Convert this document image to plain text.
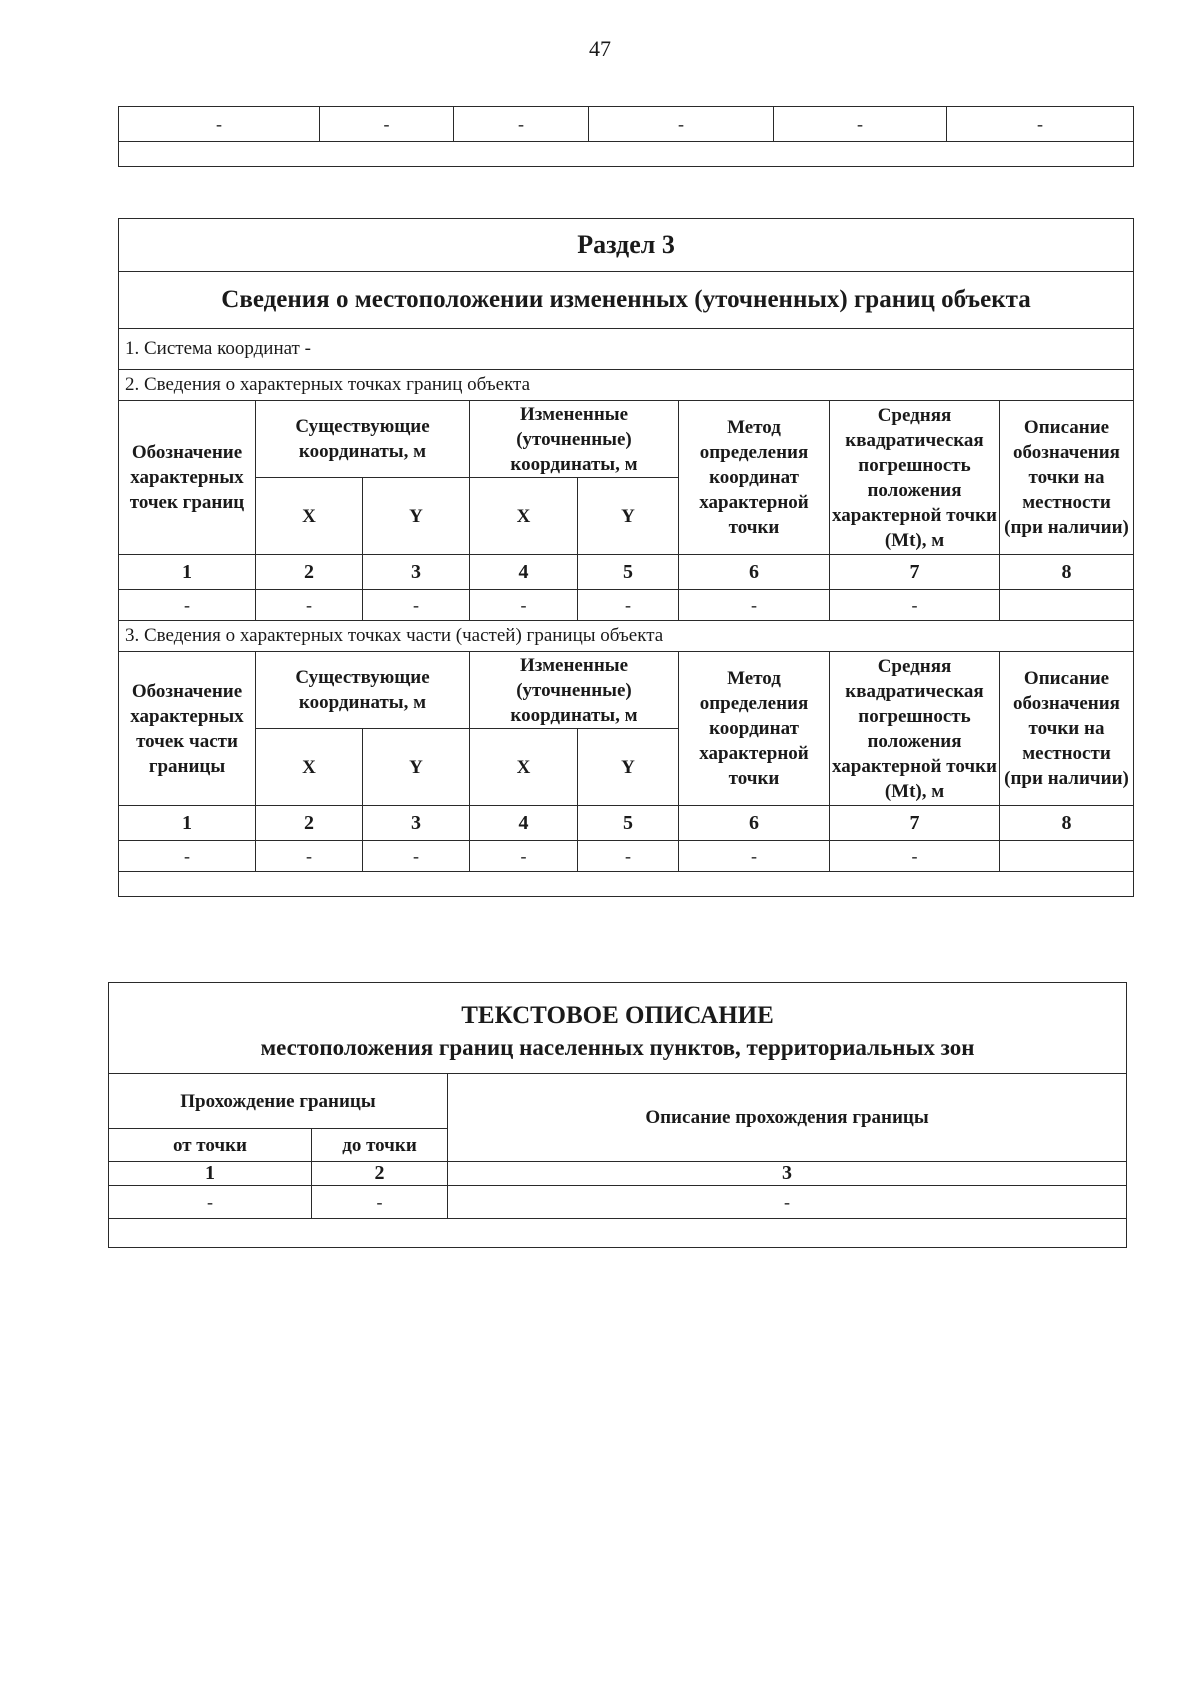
47
-	-	-	-	-	-

Раздел 3							
Сведения о местоположении измененных (уточненных) границ объекта							
1. Система координат -							
2. Сведения о характерных точках границ объекта							
Обозначение характерных точек границ	Существующие координаты, м		Измененные (уточненные) координаты, м		Метод определения координат характерной точки	Средняя квадратическая погрешность положения характерной точки (Mt), м	Описание обозначения точки на местности (при наличии)
	X	Y	X	Y			
1	2	3	4	5	6	7	8
-	-	-	-	-	-	-	
3. Сведения о характерных точках части (частей) границы объекта							
Обозначение характерных точек части границы	Существующие координаты, м		Измененные (уточненные) координаты, м		Метод определения координат характерной точки	Средняя квадратическая погрешность положения характерной точки (Mt), м	Описание обозначения точки на местности (при наличии)
	X	Y	X	Y			
1	2	3	4	5	6	7	8
-	-	-	-	-	-	-	

ТЕКСТОВОЕ ОПИСАНИЕ		
местоположения границ населенных пунктов, территориальных зон		
Прохождение границы		Описание прохождения границы
от точки	до точки	
1	2	3
-	-	-
